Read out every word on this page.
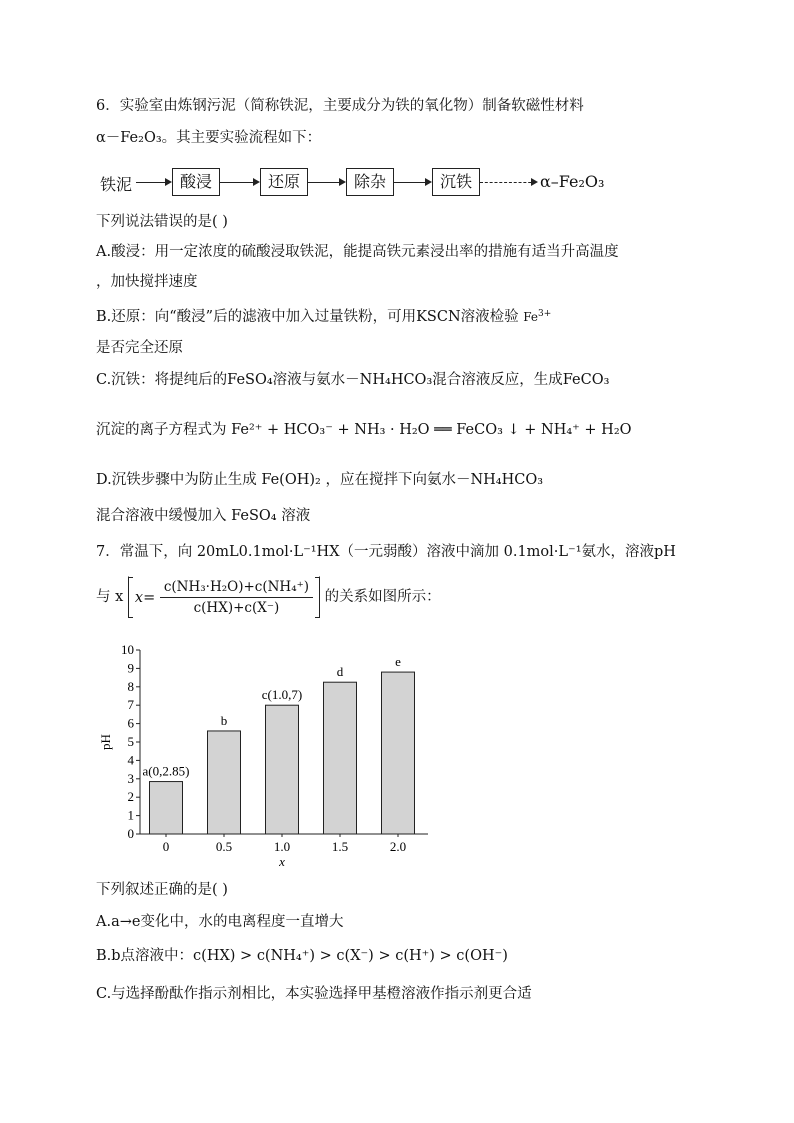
6．实验室由炼钢污泥（简称铁泥，主要成分为铁的氧化物）制备软磁性材料
α－Fe₂O₃。其主要实验流程如下：
铁泥	酸浸	还原	除杂	沉铁	α–Fe₂O₃
下列说法错误的是( )
A.酸浸：用一定浓度的硫酸浸取铁泥，能提高铁元素浸出率的措施有适当升高温度
，加快搅拌速度
B.还原：向“酸浸”后的滤液中加入过量铁粉，可用KSCN溶液检验 $Fe^{3+}$
是否完全还原
C.沉铁：将提纯后的FeSO₄溶液与氨水－NH₄HCO₃混合溶液反应，生成FeCO₃
沉淀的离子方程式为 Fe²⁺ + HCO₃⁻ + NH₃ · H₂O ══ FeCO₃ ↓ + NH₄⁺ + H₂O
D.沉铁步骤中为防止生成 Fe(OH)₂ ，应在搅拌下向氨水－NH₄HCO₃
混合溶液中缓慢加入 FeSO₄ 溶液
7．常温下，向 20mL0.1mol·L⁻¹HX（一元弱酸）溶液中滴加 0.1mol·L⁻¹氨水，溶液pH
与 x $x= \frac{\text{c(NH₃·H₂O)+c(NH₄⁺)}}{c(HX)+c(X^-)}$ 的关系如图所示：
0
1
2
3
4
5
6
7
8
9
10
pH
0
a(0,2.85)
0.5
b
1.0
c(1.0,7)
1.5
d
2.0
e
x
下列叙述正确的是( )
A.a→e变化中，水的电离程度一直增大
B.b点溶液中：c(HX) > c(NH₄⁺) > c(X⁻) > c(H⁺) > c(OH⁻)
C.与选择酚酞作指示剂相比，本实验选择甲基橙溶液作指示剂更合适
